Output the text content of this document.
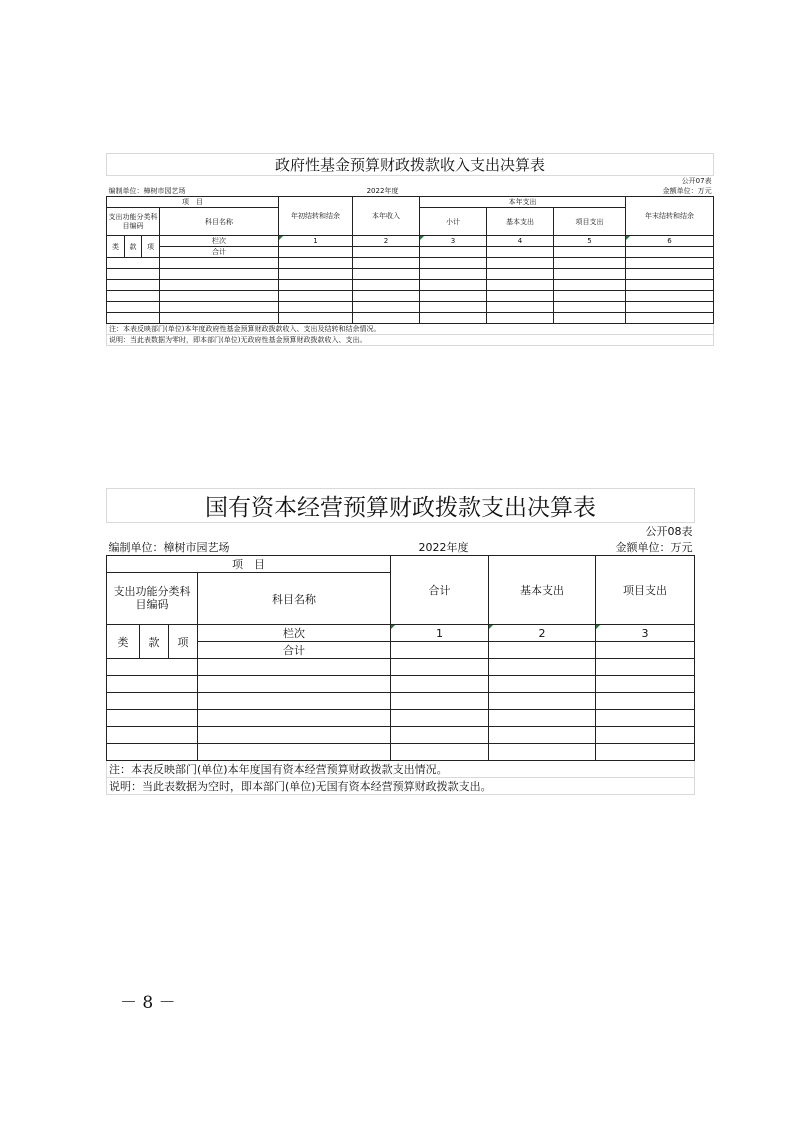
政府性基金预算财政拨款收入支出决算表									
公开07表									
编制单位：樟树市园艺场				2022年度			金额单位：万元		
项　目				年初结转和结余	本年收入	本年支出			年末结转和结余
支出功能分类科目编码			科目名称			小计	基本支出	项目支出	
类	款	项	栏次	1	2	3	4	5	6
			合计						

注：本表反映部门(单位)本年度政府性基金预算财政拨款收入、支出及结转和结余情况。									
说明：当此表数据为零时，即本部门(单位)无政府性基金预算财政拨款收入、支出。									
国有资本经营预算财政拨款支出决算表						
公开08表						
编制单位：樟树市园艺场				2022年度		金额单位：万元
项　目				合计	基本支出	项目支出
支出功能分类科目编码			科目名称			
类	款	项	栏次	1	2	3
			合计			

注：本表反映部门(单位)本年度国有资本经营预算财政拨款支出情况。						
说明：当此表数据为空时，即本部门(单位)无国有资本经营预算财政拨款支出。						
－ 8 －
